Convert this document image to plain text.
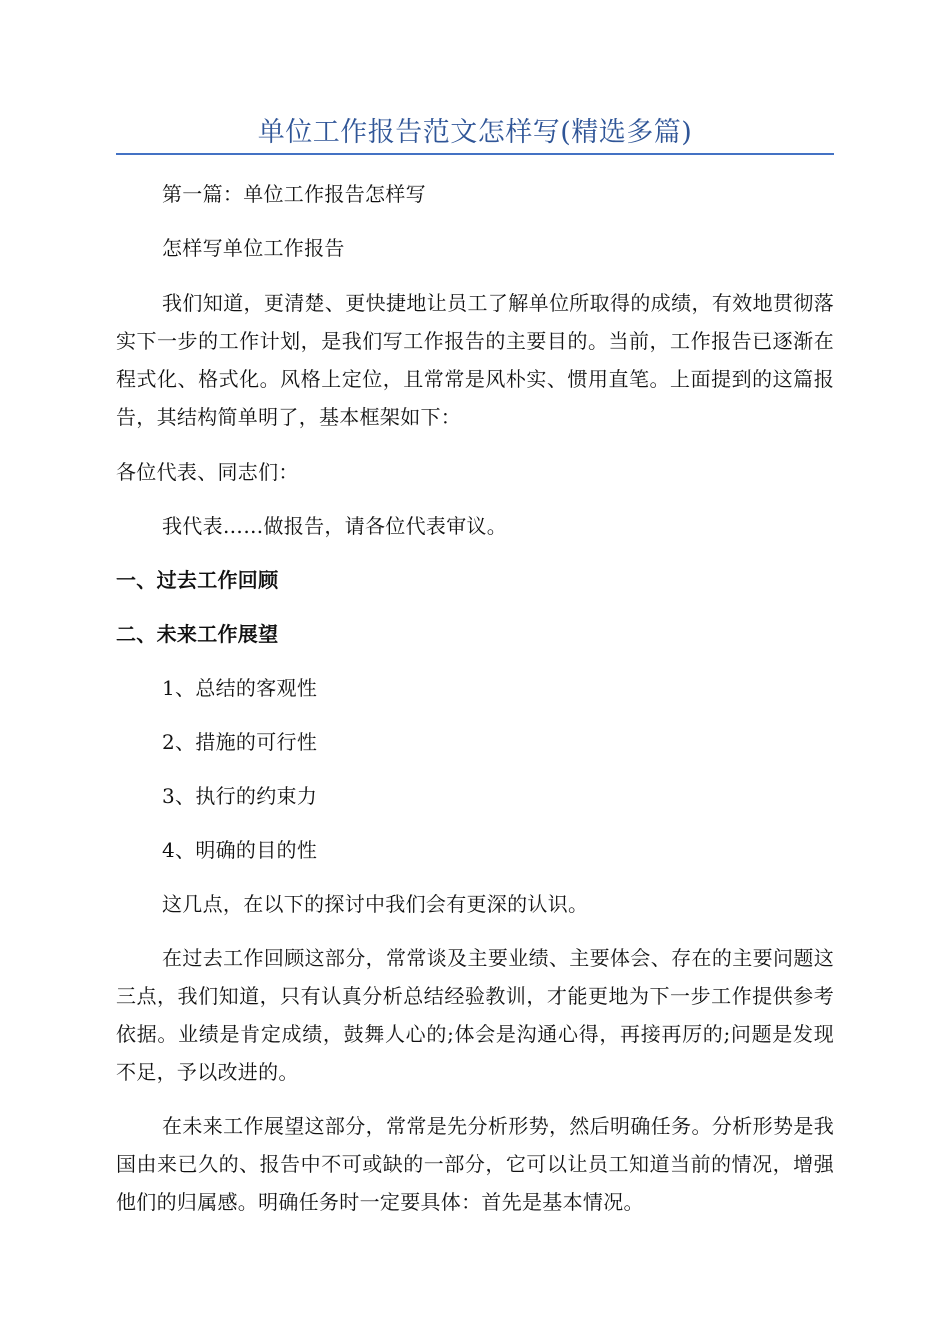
单位工作报告范文怎样写(精选多篇)

第一篇：单位工作报告怎样写

怎样写单位工作报告

我们知道，更清楚、更快捷地让员工了解单位所取得的成绩，有效地贯彻落实下一步的工作计划，是我们写工作报告的主要目的。当前，工作报告已逐渐在程式化、格式化。风格上定位，且常常是风朴实、惯用直笔。上面提到的这篇报告，其结构简单明了，基本框架如下：

各位代表、同志们：

我代表……做报告，请各位代表审议。

一、过去工作回顾

二、未来工作展望

1、总结的客观性

2、措施的可行性

3、执行的约束力

4、明确的目的性

这几点，在以下的探讨中我们会有更深的认识。

在过去工作回顾这部分，常常谈及主要业绩、主要体会、存在的主要问题这三点，我们知道，只有认真分析总结经验教训，才能更地为下一步工作提供参考依据。业绩是肯定成绩，鼓舞人心的;体会是沟通心得，再接再厉的;问题是发现不足，予以改进的。

在未来工作展望这部分，常常是先分析形势，然后明确任务。分析形势是我国由来已久的、报告中不可或缺的一部分，它可以让员工知道当前的情况，增强他们的归属感。明确任务时一定要具体：首先是基本情况。
